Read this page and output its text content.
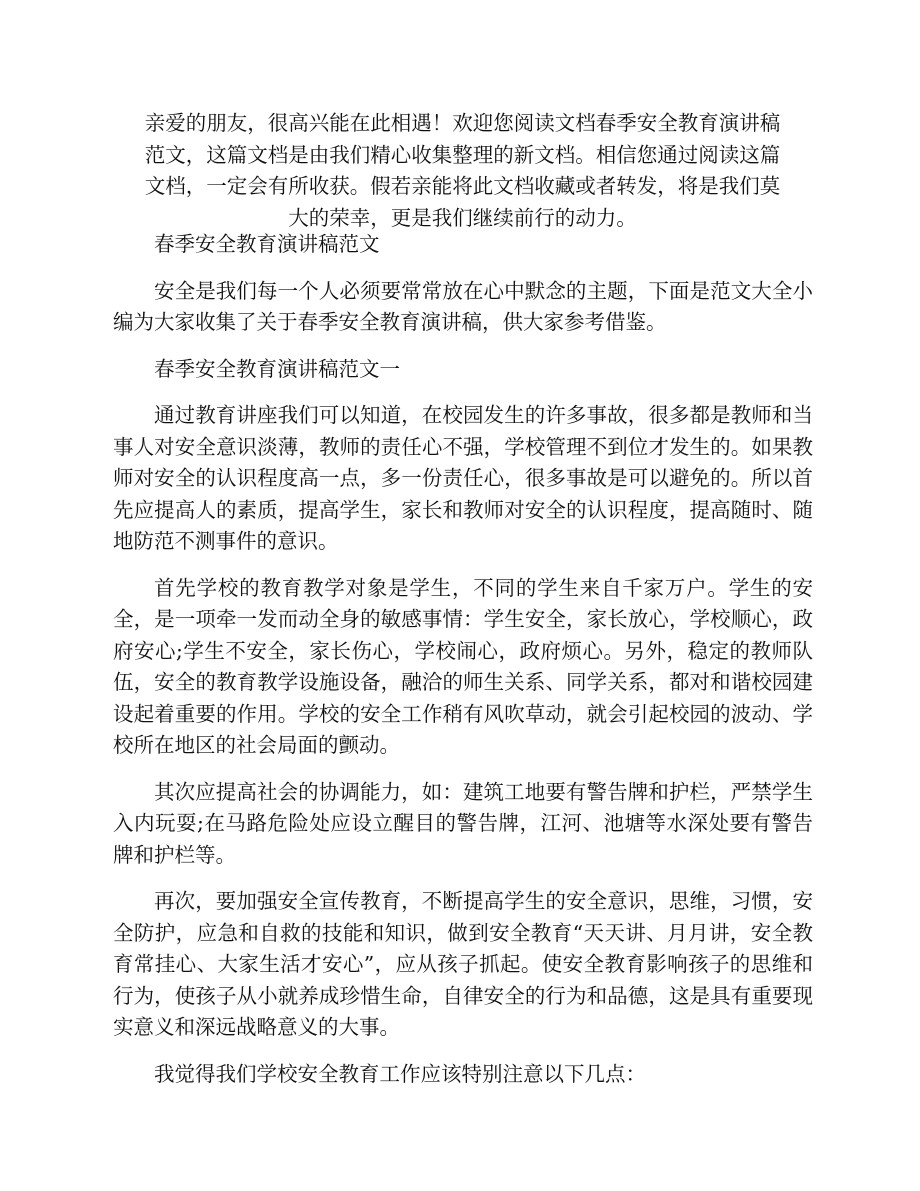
亲爱的朋友，很高兴能在此相遇！欢迎您阅读文档春季安全教育演讲稿范文，这篇文档是由我们精心收集整理的新文档。相信您通过阅读这篇文档，一定会有所收获。假若亲能将此文档收藏或者转发，将是我们莫大的荣幸，更是我们继续前行的动力。

春季安全教育演讲稿范文

安全是我们每一个人必须要常常放在心中默念的主题，下面是范文大全小编为大家收集了关于春季安全教育演讲稿，供大家参考借鉴。

春季安全教育演讲稿范文一

通过教育讲座我们可以知道，在校园发生的许多事故，很多都是教师和当事人对安全意识淡薄，教师的责任心不强，学校管理不到位才发生的。如果教师对安全的认识程度高一点，多一份责任心，很多事故是可以避免的。所以首先应提高人的素质，提高学生，家长和教师对安全的认识程度，提高随时、随地防范不测事件的意识。

首先学校的教育教学对象是学生，不同的学生来自千家万户。学生的安全，是一项牵一发而动全身的敏感事情：学生安全，家长放心，学校顺心，政府安心;学生不安全，家长伤心，学校闹心，政府烦心。另外，稳定的教师队伍，安全的教育教学设施设备，融洽的师生关系、同学关系，都对和谐校园建设起着重要的作用。学校的安全工作稍有风吹草动，就会引起校园的波动、学校所在地区的社会局面的颤动。

其次应提高社会的协调能力，如：建筑工地要有警告牌和护栏，严禁学生入内玩耍;在马路危险处应设立醒目的警告牌，江河、池塘等水深处要有警告牌和护栏等。

再次，要加强安全宣传教育，不断提高学生的安全意识，思维，习惯，安全防护，应急和自救的技能和知识，做到安全教育“天天讲、月月讲，安全教育常挂心、大家生活才安心”，应从孩子抓起。使安全教育影响孩子的思维和行为，使孩子从小就养成珍惜生命，自律安全的行为和品德，这是具有重要现实意义和深远战略意义的大事。

我觉得我们学校安全教育工作应该特别注意以下几点：
